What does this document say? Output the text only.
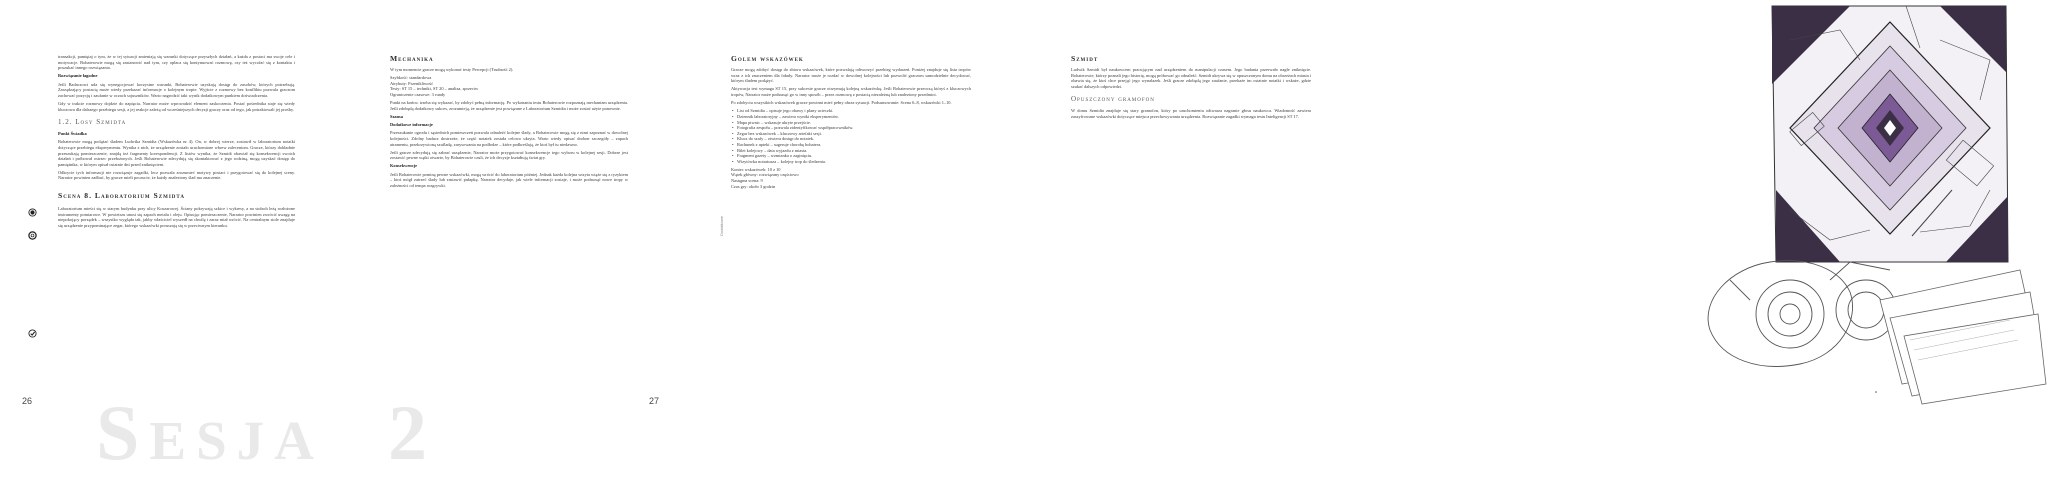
transakcji, pamiętaj o tym, że w tej sytuacji zmieniają się warunki dotyczące przyszłych działań, a każda z postaci ma swoje cele i motywacje. Bohaterowie mogą się zastanowić nad tym, czy opłaca się kontynuować rozmowę, czy też wycofać się z kontaktu i poszukać innego rozwiązania.

Rozwiązanie łagodne

Jeśli Badaczowi uda się wynegocjować korzystne warunki, Bohaterowie uzyskają dostęp do zasobów, których potrzebują. Zarządzający postacią może wtedy przekazać informacje o kolejnym tropie. Wyjście z rozmowy bez konfliktu pozwala graczom zachować pozycję i zaufanie w oczach sojuszników. Warto nagrodzić taki wynik dodatkowym punktem doświadczenia.

Gdy w trakcie rozmowy dojdzie do napięcia, Narrator może wprowadzić element zaskoczenia. Postać pośrednika staje się wtedy kluczowa dla dalszego przebiegu sesji, a jej reakcje zależą od wcześniejszych decyzji graczy oraz od tego, jak potraktowali jej prośby.

1.2. Losy Szmidta

Punkt Świadka

Bohaterowie mogą podążać śladem Ludwika Szmidta (Wskazówka nr 4). On, w dobrej wierze, zostawił w laboratorium notatki dotyczące przebiegu eksperymentu. Wynika z nich, że urządzenie zostało uruchomione wbrew zaleceniom. Gracze, którzy dokładnie przeszukają pomieszczenie, znajdą też fragmenty korespondencji. Z listów wynika, że Szmidt obawiał się konsekwencji swoich działań i próbował ostrzec przełożonych. Jeśli Bohaterowie zdecydują się skontaktować z jego rodziną, mogą uzyskać dostęp do pamiętnika, w którym opisał ostatnie dni przed zniknięciem.

Odkrycie tych informacji nie rozwiązuje zagadki, lecz pozwala zrozumieć motywy postaci i przygotować się do kolejnej sceny. Narrator powinien zadbać, by gracze mieli poczucie, że każdy znaleziony ślad ma znaczenie.

Scena 8. Laboratorium Szmidta

Laboratorium mieści się w starym budynku przy ulicy Koszarowej. Ściany pokrywają szkice i wykresy, a na stołach leżą rozłożone instrumenty pomiarowe. W powietrzu unosi się zapach metalu i oleju. Opisując pomieszczenie, Narrator powinien zwrócić uwagę na niepokojący porządek – wszystko wygląda tak, jakby właściciel wyszedł na chwilę i zaraz miał wrócić. Na centralnym stole znajduje się urządzenie przypominające zegar, którego wskazówki poruszają się w przeciwnym kierunku.

Mechanika

W tym momencie gracze mogą wykonać testy Percepcji (Trudność 2).

Szybkość: standardowa

Atrybuty: Przenikliwość

Testy: ST 15 – techniki, ST 20 – analiza, sprzeciw

Ograniczenie czasowe: 3 rundy

Punkt na końcu: trzeba się wykazać, by zdobyć pełną informację. Po wykonaniu testu Bohaterowie rozpoznają mechanizm urządzenia. Jeśli zdobędą dodatkowy sukces, zrozumieją, że urządzenie jest powiązane z Laboratorium Szmidta i może zostać użyte ponownie.

Szansa

Dodatkowe informacje

Przeszukanie ogrodu i sąsiednich pomieszczeń pozwala odnaleźć kolejne ślady, a Bohaterowie mogą się z nimi zapoznać w dowolnej kolejności. Zdolny badacz dostrzeże, że część notatek została celowo ukryta. Warto wtedy opisać drobne szczegóły – zapach atramentu, przekrzywioną szufladę, zarysowania na podłodze – które podkreślają, że ktoś był tu niedawno.

Jeśli gracze zdecydują się zabrać urządzenie, Narrator może przygotować konsekwencje tego wyboru w kolejnej sesji. Dobrze jest zostawić pewne wątki otwarte, by Bohaterowie czuli, że ich decyzje kształtują świat gry.

Konsekwencje

Jeśli Bohaterowie pominą pewne wskazówki, mogą wrócić do laboratorium później. Jednak każda kolejna wizyta wiąże się z ryzykiem – ktoś mógł zatrzeć ślady lub zastawić pułapkę. Narrator decyduje, jak wiele informacji zostaje, i może podsunąć nowe tropy w zależności od tempa rozgrywki.

Sesja 2
26
Golem wskazówek

Gracze mogą zdobyć dostęp do zbioru wskazówek, które pozwalają odtworzyć przebieg wydarzeń. Poniżej znajduje się lista tropów wraz z ich znaczeniem dla fabuły. Narrator może je rozdać w dowolnej kolejności lub pozwolić graczom samodzielnie decydować, którym śladem podążyć.

Aktywacja test wymaga ST 15, przy sukcesie gracze otrzymują kolejną wskazówkę. Jeśli Bohaterowie przeoczą któryś z kluczowych tropów, Narrator może podsunąć go w inny sposób – przez rozmowę z postacią niezależną lub znaleziony przedmiot.

Po zdobyciu wszystkich wskazówek gracze powinni mieć pełny obraz sytuacji. Podsumowanie: Scena 6–8, wskazówki 1–10.

• List od Szmidta – opisuje jego obawy i plany ucieczki.
• Dziennik laboratoryjny – zawiera wyniki eksperymentów.
• Mapa piwnic – wskazuje ukryte przejście.
• Fotografia zespołu – pozwala zidentyfikować współpracowników.
• Zegar bez wskazówek – kluczowy artefakt sesji.
• Klucz do szafy – otwiera dostęp do notatek.
• Rachunek z apteki – sugeruje chorobę bohatera.
• Bilet kolejowy – data wyjazdu z miasta.
• Fragment gazety – wzmianka o zaginięciu.
• Wizytówka notariusza – kolejny trop do śledzenia.

Koniec wskazówek: 10 z 10

Wątek główny: rozwiązany częściowo

Następna scena: 9

Czas gry: około 3 godzin

Szmidt

Ludwik Szmidt był naukowcem pracującym nad urządzeniem do manipulacji czasem. Jego badania przerwało nagłe zniknięcie. Bohaterowie, którzy poznali jego historię, mogą próbować go odnaleźć. Szmidt ukrywa się w opuszczonym domu na obrzeżach miasta i obawia się, że ktoś chce przejąć jego wynalazek. Jeśli gracze zdobędą jego zaufanie, przekaże im ostatnie notatki i wskaże, gdzie szukać dalszych odpowiedzi.

Opuszczony gramofon

W domu Szmidta znajduje się stary gramofon, który po uruchomieniu odtwarza nagranie głosu naukowca. Wiadomość zawiera zaszyfrowane wskazówki dotyczące miejsca przechowywania urządzenia. Rozwiązanie zagadki wymaga testu Inteligencji ST 17.

27
Dodatkowe
